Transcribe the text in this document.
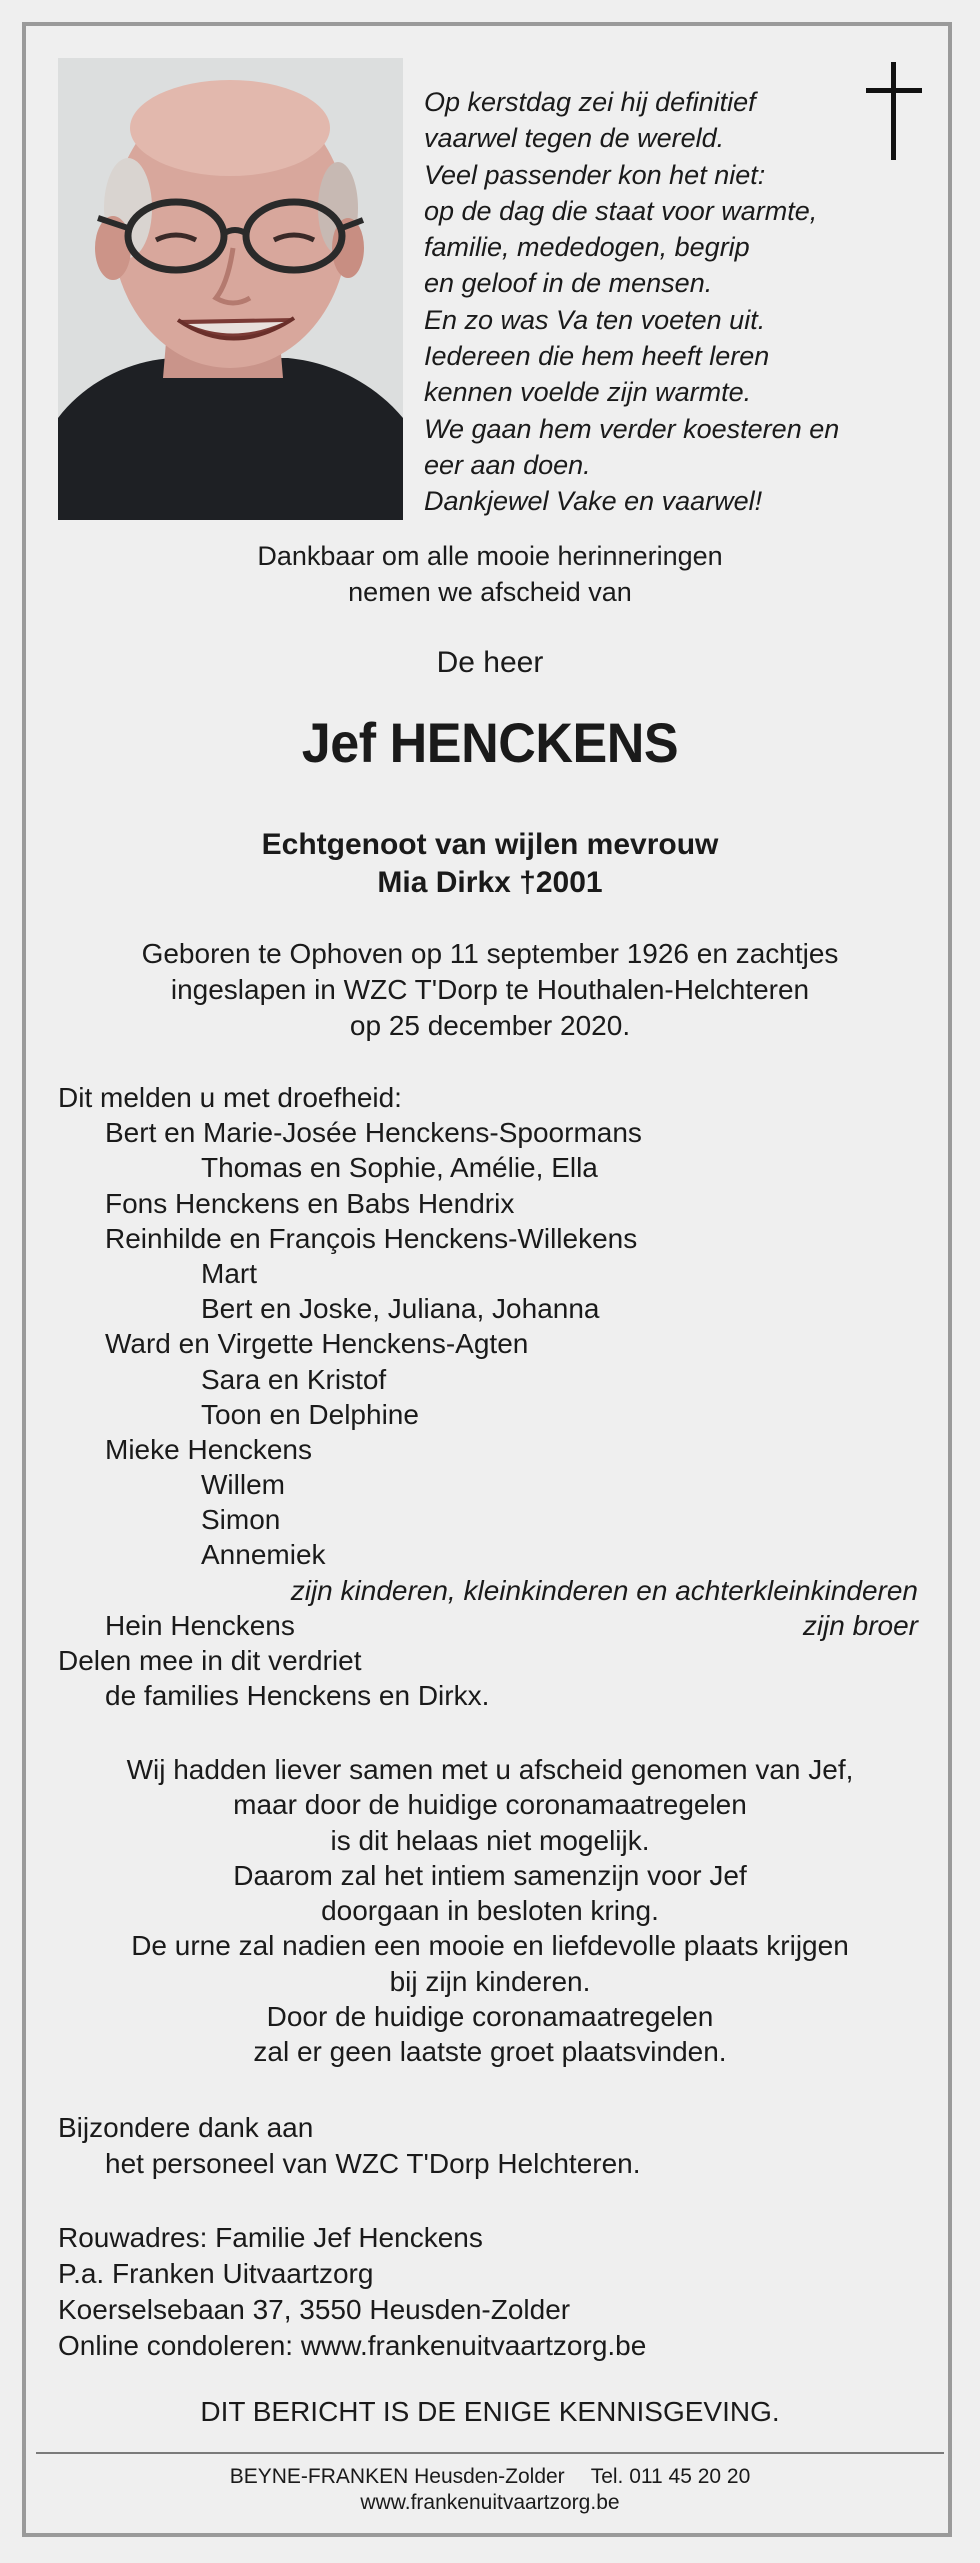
Op kerstdag zei hij definitief
vaarwel tegen de wereld.
Veel passender kon het niet:
op de dag die staat voor warmte,
familie, mededogen, begrip
en geloof in de mensen.
En zo was Va ten voeten uit.
Iedereen die hem heeft leren
kennen voelde zijn warmte.
We gaan hem verder koesteren en
eer aan doen.
Dankjewel Vake en vaarwel!
Dankbaar om alle mooie herinneringen
nemen we afscheid van
De heer
Jef HENCKENS
Echtgenoot van wijlen mevrouw
Mia Dirkx †2001
Geboren te Ophoven op 11 september 1926 en zachtjes
ingeslapen in WZC T'Dorp te Houthalen-Helchteren
op 25 december 2020.
Dit melden u met droefheid:
Bert en Marie-Josée Henckens-Spoormans
Thomas en Sophie, Amélie, Ella
Fons Henckens en Babs Hendrix
Reinhilde en François Henckens-Willekens
Mart
Bert en Joske, Juliana, Johanna
Ward en Virgette Henckens-Agten
Sara en Kristof
Toon en Delphine
Mieke Henckens
Willem
Simon
Annemiek
zijn kinderen, kleinkinderen en achterkleinkinderen
Hein Henckens	zijn broer
Delen mee in dit verdriet
de families Henckens en Dirkx.
Wij hadden liever samen met u afscheid genomen van Jef,
maar door de huidige coronamaatregelen
is dit helaas niet mogelijk.
Daarom zal het intiem samenzijn voor Jef
doorgaan in besloten kring.
De urne zal nadien een mooie en liefdevolle plaats krijgen
bij zijn kinderen.
Door de huidige coronamaatregelen
zal er geen laatste groet plaatsvinden.
Bijzondere dank aan
het personeel van WZC T'Dorp Helchteren.
Rouwadres: Familie Jef Henckens
P.a. Franken Uitvaartzorg
Koerselsebaan 37, 3550 Heusden-Zolder
Online condoleren: www.frankenuitvaartzorg.be
DIT BERICHT IS DE ENIGE KENNISGEVING.
BEYNE-FRANKEN Heusden-Zolder Tel. 011 45 20 20
www.frankenuitvaartzorg.be
